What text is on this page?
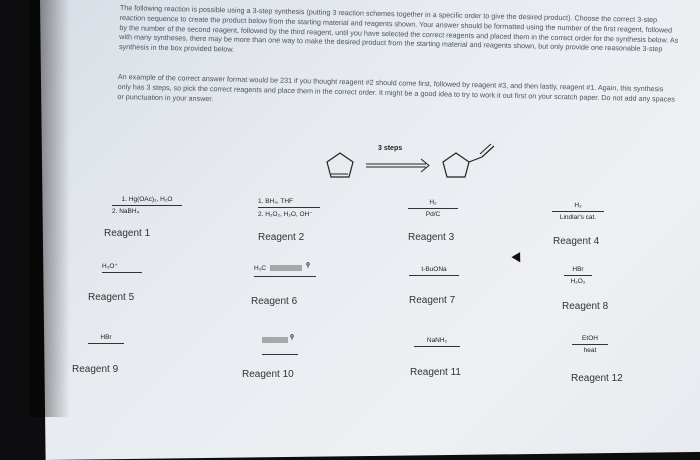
The following reaction is possible using a 3-step synthesis (putting 3 reaction schemes together in a specific order to give the desired product). Choose the correct 3-step reaction sequence to create the product below from the starting material and reagents shown. Your answer should be formatted using the number of the first reagent, followed by the number of the second reagent, followed by the third reagent, until you have selected the correct reagents and placed them in the correct order for the synthesis below. As with many syntheses, there may be more than one way to make the desired product from the starting material and reagents shown, but only provide one reasonable 3-step synthesis in the box provided below.
An example of the correct answer format would be 231 if you thought reagent #2 should come first, followed by reagent #3, and then lastly, reagent #1. Again, this synthesis only has 3 steps, so pick the correct reagents and place them in the correct order. It might be a good idea to try to work it out first on your scratch paper. Do not add any spaces or punctuation in your answer.
3 steps
1. Hg(OAc)₂, H₂O
2. NaBH₄
Reagent 1
1. BH₃, THF
2. H₂O₂, H₂O, OH⁻
Reagent 2
H₂
Pd/C
Reagent 3
H₂
Lindlar's cat.
Reagent 4
H₃O⁺
Reagent 5
H₃C
Reagent 6
t-BuONa
Reagent 7
HBr
H₂O₂
Reagent 8
HBr
Reagent 9	Reagent 10
NaNH₂
Reagent 11
EtOH
heat
Reagent 12
